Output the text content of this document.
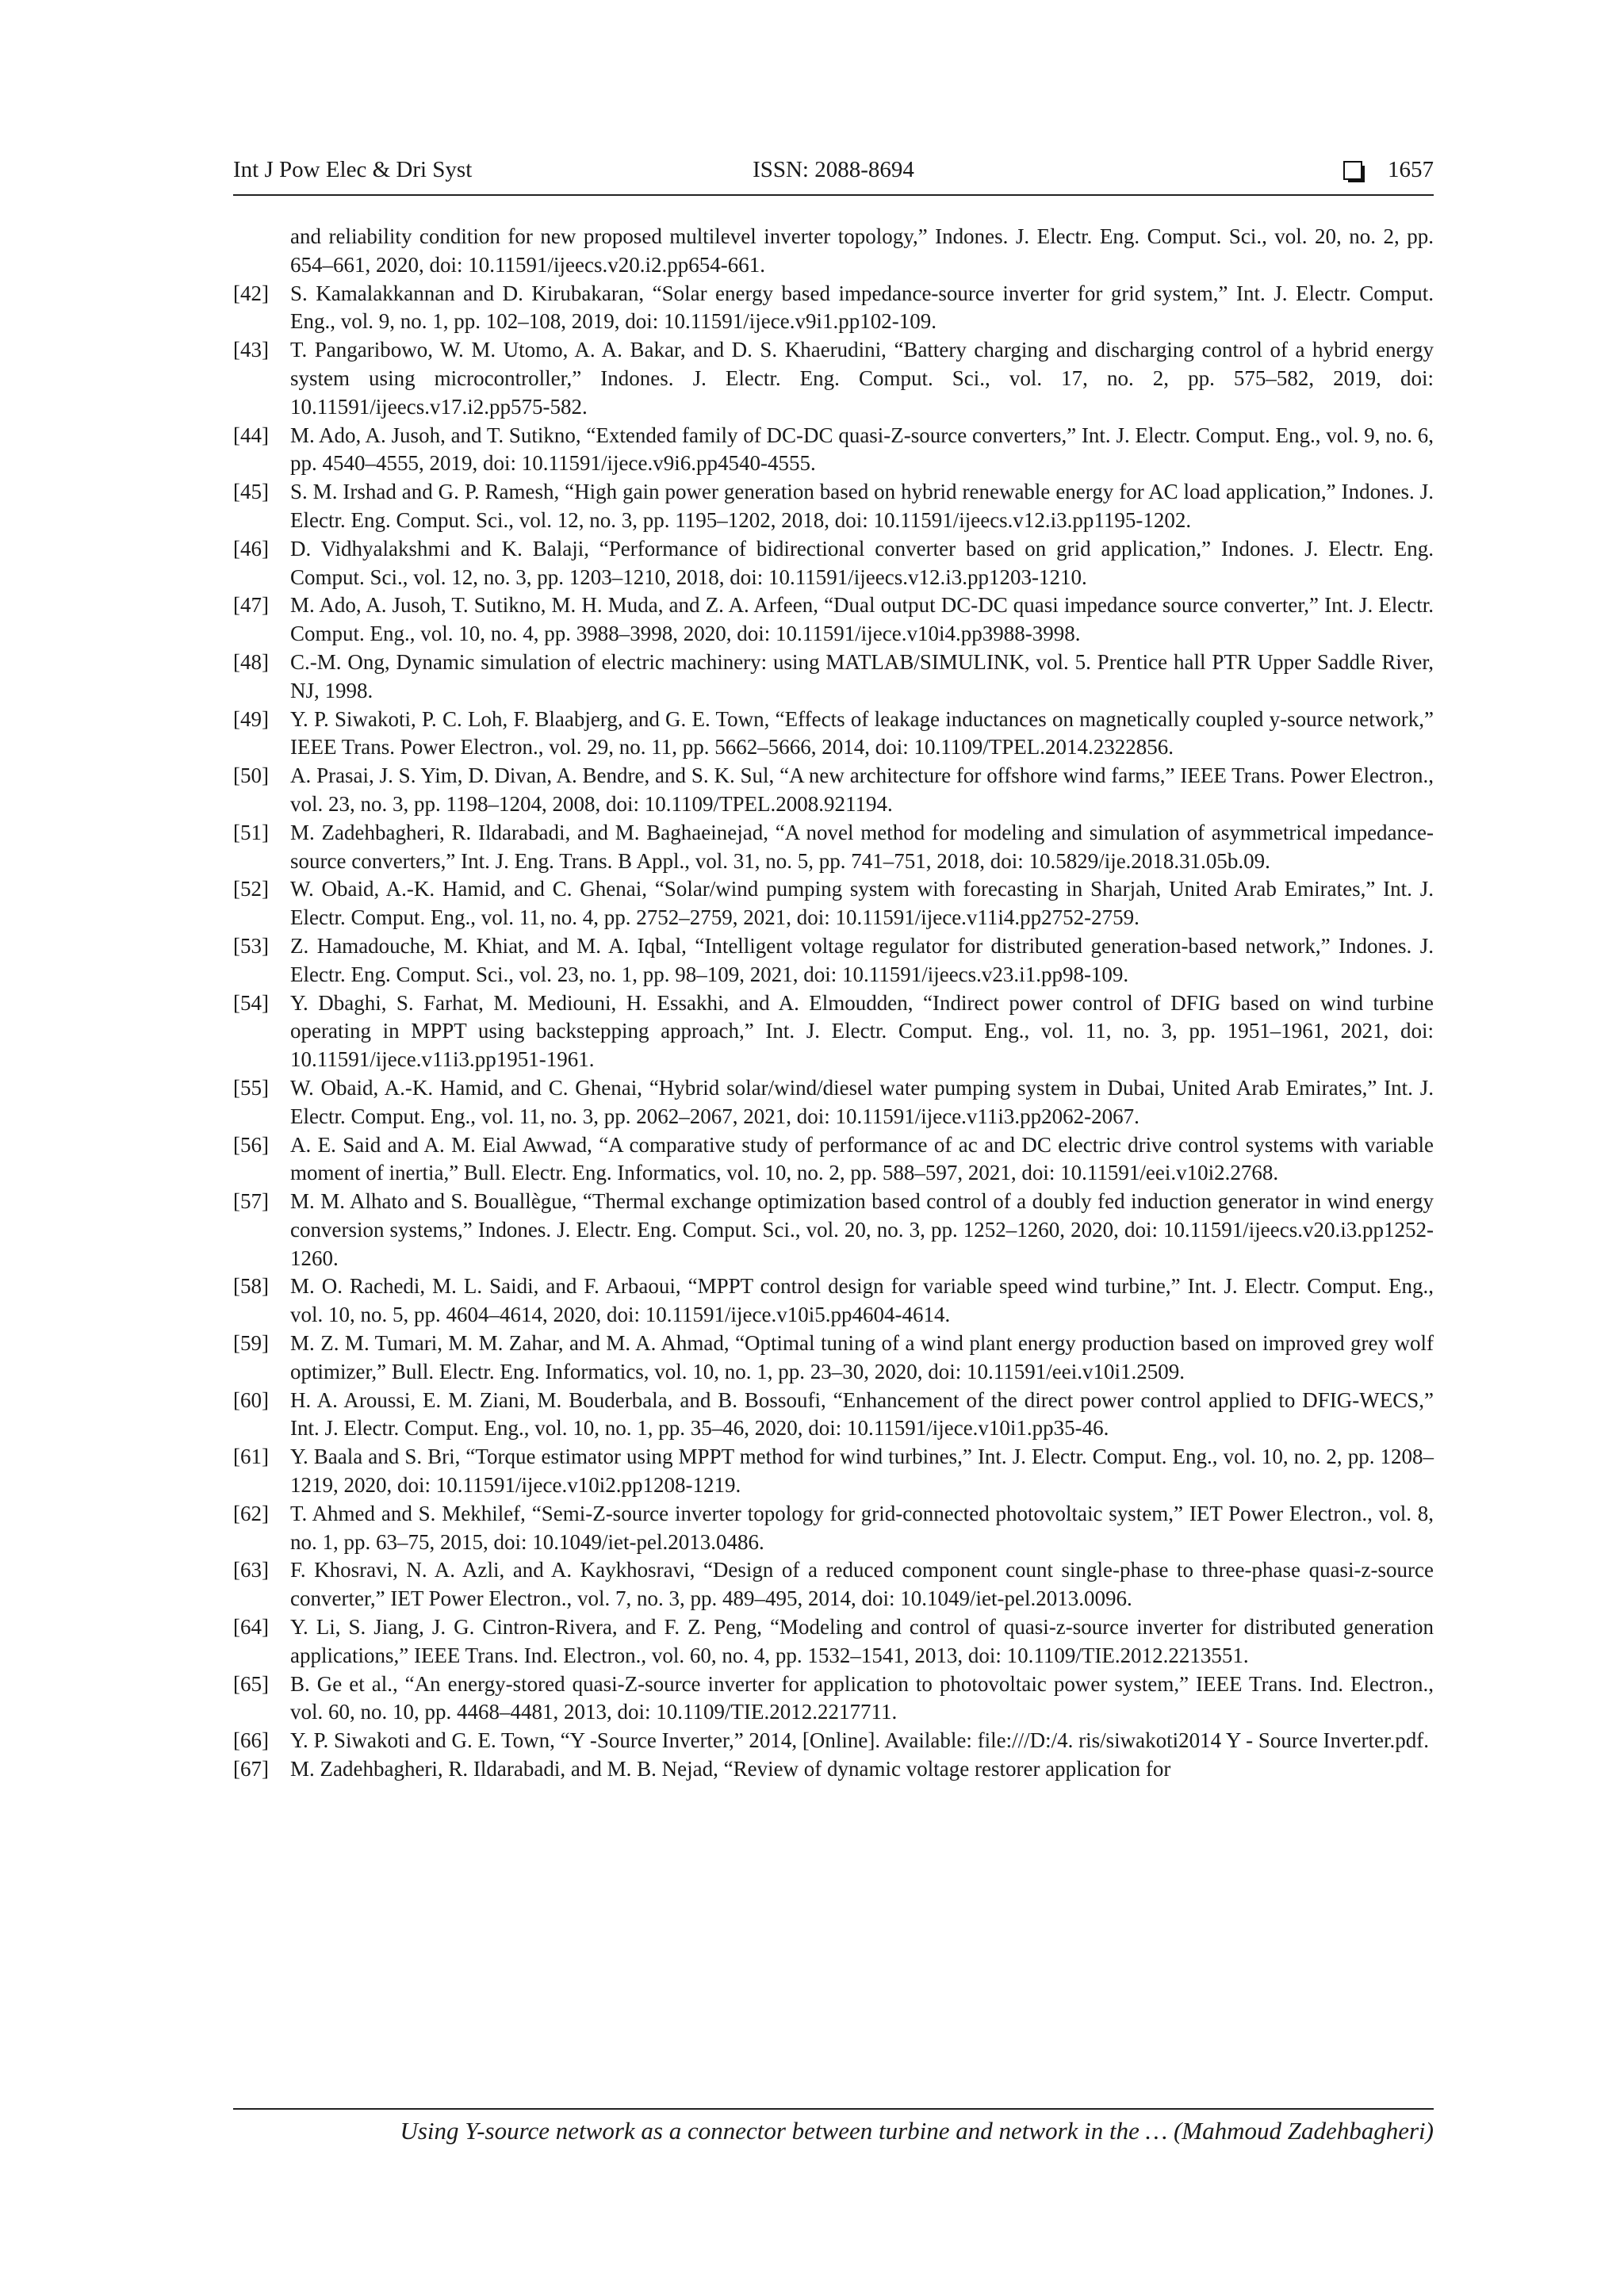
Int J Pow Elec & Dri Syst	ISSN: 2088-8694	1657
and reliability condition for new proposed multilevel inverter topology,” Indones. J. Electr. Eng. Comput. Sci., vol. 20, no. 2, pp. 654–661, 2020, doi: 10.11591/ijeecs.v20.i2.pp654-661.
[42] S. Kamalakkannan and D. Kirubakaran, “Solar energy based impedance-source inverter for grid system,” Int. J. Electr. Comput. Eng., vol. 9, no. 1, pp. 102–108, 2019, doi: 10.11591/ijece.v9i1.pp102-109.
[43] T. Pangaribowo, W. M. Utomo, A. A. Bakar, and D. S. Khaerudini, “Battery charging and discharging control of a hybrid energy system using microcontroller,” Indones. J. Electr. Eng. Comput. Sci., vol. 17, no. 2, pp. 575–582, 2019, doi: 10.11591/ijeecs.v17.i2.pp575-582.
[44] M. Ado, A. Jusoh, and T. Sutikno, “Extended family of DC-DC quasi-Z-source converters,” Int. J. Electr. Comput. Eng., vol. 9, no. 6, pp. 4540–4555, 2019, doi: 10.11591/ijece.v9i6.pp4540-4555.
[45] S. M. Irshad and G. P. Ramesh, “High gain power generation based on hybrid renewable energy for AC load application,” Indones. J. Electr. Eng. Comput. Sci., vol. 12, no. 3, pp. 1195–1202, 2018, doi: 10.11591/ijeecs.v12.i3.pp1195-1202.
[46] D. Vidhyalakshmi and K. Balaji, “Performance of bidirectional converter based on grid application,” Indones. J. Electr. Eng. Comput. Sci., vol. 12, no. 3, pp. 1203–1210, 2018, doi: 10.11591/ijeecs.v12.i3.pp1203-1210.
[47] M. Ado, A. Jusoh, T. Sutikno, M. H. Muda, and Z. A. Arfeen, “Dual output DC-DC quasi impedance source converter,” Int. J. Electr. Comput. Eng., vol. 10, no. 4, pp. 3988–3998, 2020, doi: 10.11591/ijece.v10i4.pp3988-3998.
[48] C.-M. Ong, Dynamic simulation of electric machinery: using MATLAB/SIMULINK, vol. 5. Prentice hall PTR Upper Saddle River, NJ, 1998.
[49] Y. P. Siwakoti, P. C. Loh, F. Blaabjerg, and G. E. Town, “Effects of leakage inductances on magnetically coupled y-source network,” IEEE Trans. Power Electron., vol. 29, no. 11, pp. 5662–5666, 2014, doi: 10.1109/TPEL.2014.2322856.
[50] A. Prasai, J. S. Yim, D. Divan, A. Bendre, and S. K. Sul, “A new architecture for offshore wind farms,” IEEE Trans. Power Electron., vol. 23, no. 3, pp. 1198–1204, 2008, doi: 10.1109/TPEL.2008.921194.
[51] M. Zadehbagheri, R. Ildarabadi, and M. Baghaeinejad, “A novel method for modeling and simulation of asymmetrical impedance-source converters,” Int. J. Eng. Trans. B Appl., vol. 31, no. 5, pp. 741–751, 2018, doi: 10.5829/ije.2018.31.05b.09.
[52] W. Obaid, A.-K. Hamid, and C. Ghenai, “Solar/wind pumping system with forecasting in Sharjah, United Arab Emirates,” Int. J. Electr. Comput. Eng., vol. 11, no. 4, pp. 2752–2759, 2021, doi: 10.11591/ijece.v11i4.pp2752-2759.
[53] Z. Hamadouche, M. Khiat, and M. A. Iqbal, “Intelligent voltage regulator for distributed generation-based network,” Indones. J. Electr. Eng. Comput. Sci., vol. 23, no. 1, pp. 98–109, 2021, doi: 10.11591/ijeecs.v23.i1.pp98-109.
[54] Y. Dbaghi, S. Farhat, M. Mediouni, H. Essakhi, and A. Elmoudden, “Indirect power control of DFIG based on wind turbine operating in MPPT using backstepping approach,” Int. J. Electr. Comput. Eng., vol. 11, no. 3, pp. 1951–1961, 2021, doi: 10.11591/ijece.v11i3.pp1951-1961.
[55] W. Obaid, A.-K. Hamid, and C. Ghenai, “Hybrid solar/wind/diesel water pumping system in Dubai, United Arab Emirates,” Int. J. Electr. Comput. Eng., vol. 11, no. 3, pp. 2062–2067, 2021, doi: 10.11591/ijece.v11i3.pp2062-2067.
[56] A. E. Said and A. M. Eial Awwad, “A comparative study of performance of ac and DC electric drive control systems with variable moment of inertia,” Bull. Electr. Eng. Informatics, vol. 10, no. 2, pp. 588–597, 2021, doi: 10.11591/eei.v10i2.2768.
[57] M. M. Alhato and S. Bouallègue, “Thermal exchange optimization based control of a doubly fed induction generator in wind energy conversion systems,” Indones. J. Electr. Eng. Comput. Sci., vol. 20, no. 3, pp. 1252–1260, 2020, doi: 10.11591/ijeecs.v20.i3.pp1252-1260.
[58] M. O. Rachedi, M. L. Saidi, and F. Arbaoui, “MPPT control design for variable speed wind turbine,” Int. J. Electr. Comput. Eng., vol. 10, no. 5, pp. 4604–4614, 2020, doi: 10.11591/ijece.v10i5.pp4604-4614.
[59] M. Z. M. Tumari, M. M. Zahar, and M. A. Ahmad, “Optimal tuning of a wind plant energy production based on improved grey wolf optimizer,” Bull. Electr. Eng. Informatics, vol. 10, no. 1, pp. 23–30, 2020, doi: 10.11591/eei.v10i1.2509.
[60] H. A. Aroussi, E. M. Ziani, M. Bouderbala, and B. Bossoufi, “Enhancement of the direct power control applied to DFIG-WECS,” Int. J. Electr. Comput. Eng., vol. 10, no. 1, pp. 35–46, 2020, doi: 10.11591/ijece.v10i1.pp35-46.
[61] Y. Baala and S. Bri, “Torque estimator using MPPT method for wind turbines,” Int. J. Electr. Comput. Eng., vol. 10, no. 2, pp. 1208–1219, 2020, doi: 10.11591/ijece.v10i2.pp1208-1219.
[62] T. Ahmed and S. Mekhilef, “Semi-Z-source inverter topology for grid-connected photovoltaic system,” IET Power Electron., vol. 8, no. 1, pp. 63–75, 2015, doi: 10.1049/iet-pel.2013.0486.
[63] F. Khosravi, N. A. Azli, and A. Kaykhosravi, “Design of a reduced component count single-phase to three-phase quasi-z-source converter,” IET Power Electron., vol. 7, no. 3, pp. 489–495, 2014, doi: 10.1049/iet-pel.2013.0096.
[64] Y. Li, S. Jiang, J. G. Cintron-Rivera, and F. Z. Peng, “Modeling and control of quasi-z-source inverter for distributed generation applications,” IEEE Trans. Ind. Electron., vol. 60, no. 4, pp. 1532–1541, 2013, doi: 10.1109/TIE.2012.2213551.
[65] B. Ge et al., “An energy-stored quasi-Z-source inverter for application to photovoltaic power system,” IEEE Trans. Ind. Electron., vol. 60, no. 10, pp. 4468–4481, 2013, doi: 10.1109/TIE.2012.2217711.
[66] Y. P. Siwakoti and G. E. Town, “Y -Source Inverter,” 2014, [Online]. Available: file:///D:/4. ris/siwakoti2014 Y - Source Inverter.pdf.
[67] M. Zadehbagheri, R. Ildarabadi, and M. B. Nejad, “Review of dynamic voltage restorer application for
Using Y-source network as a connector between turbine and network in the … (Mahmoud Zadehbagheri)
